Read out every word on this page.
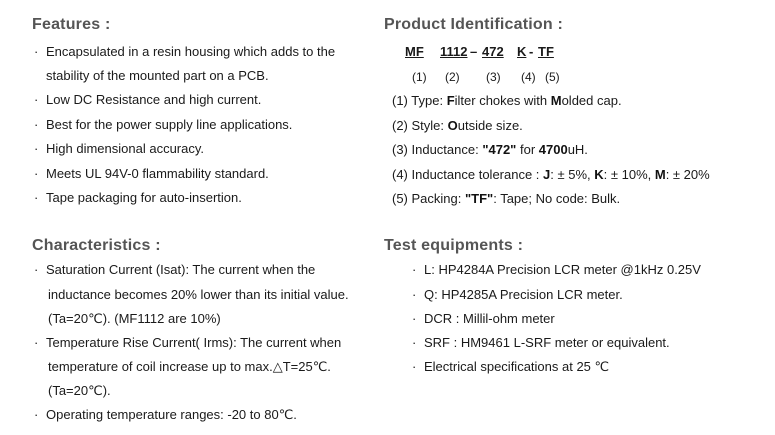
Features :
· Encapsulated in a resin housing which adds to the
stability of the mounted part on a PCB.
· Low DC Resistance and high current.
· Best for the power supply line applications.
· High dimensional accuracy.
· Meets UL 94V-0 flammability standard.
· Tape packaging for auto-insertion.
Product Identification :
MF 1112 – 472 K - TF
(1) (2) (3) (4) (5)
(1) Type: Filter chokes with Molded cap.
(2) Style: Outside size.
(3) Inductance: "472" for 4700uH.
(4) Inductance tolerance : J: ± 5%, K: ± 10%, M: ± 20%
(5) Packing: "TF": Tape; No code: Bulk.
Characteristics :
· Saturation Current (Isat): The current when the
inductance becomes 20% lower than its initial value.
(Ta=20℃). (MF1112 are 10%)
· Temperature Rise Current( Irms): The current when
temperature of coil increase up to max.△T=25℃.
(Ta=20℃).
· Operating temperature ranges: -20 to 80℃.
Test equipments :
· L: HP4284A Precision LCR meter @1kHz 0.25V
· Q: HP4285A Precision LCR meter.
· DCR : Millil-ohm meter
· SRF : HM9461 L-SRF meter or equivalent.
· Electrical specifications at 25 ℃
